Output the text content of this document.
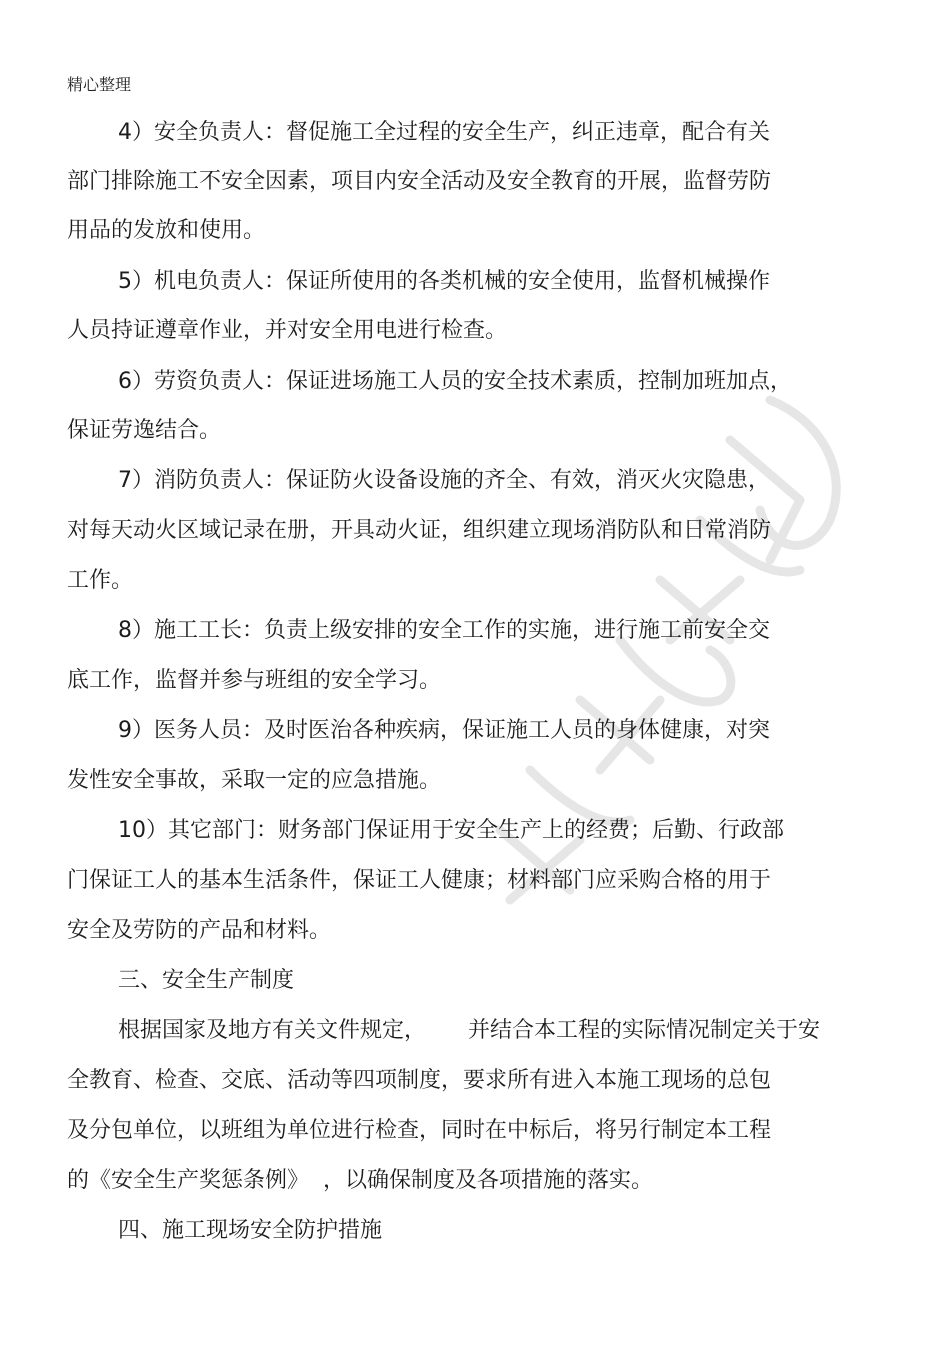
精心整理
4）安全负责人：督促施工全过程的安全生产，纠正违章，配合有关
部门排除施工不安全因素，项目内安全活动及安全教育的开展，监督劳防
用品的发放和使用。
5）机电负责人：保证所使用的各类机械的安全使用，监督机械操作
人员持证遵章作业，并对安全用电进行检查。
6）劳资负责人：保证进场施工人员的安全技术素质，控制加班加点，
保证劳逸结合。
7）消防负责人：保证防火设备设施的齐全、有效，消灭火灾隐患，
对每天动火区域记录在册，开具动火证，组织建立现场消防队和日常消防
工作。
8）施工工长：负责上级安排的安全工作的实施，进行施工前安全交
底工作，监督并参与班组的安全学习。
9）医务人员：及时医治各种疾病，保证施工人员的身体健康，对突
发性安全事故，采取一定的应急措施。
10）其它部门：财务部门保证用于安全生产上的经费；后勤、行政部
门保证工人的基本生活条件，保证工人健康；材料部门应采购合格的用于
安全及劳防的产品和材料。
三、安全生产制度
根据国家及地方有关文件规定，      并结合本工程的实际情况制定关于安
全教育、检查、交底、活动等四项制度，要求所有进入本施工现场的总包
及分包单位，以班组为单位进行检查，同时在中标后，将另行制定本工程
的《安全生产奖惩条例》  ，以确保制度及各项措施的落实。
四、施工现场安全防护措施
